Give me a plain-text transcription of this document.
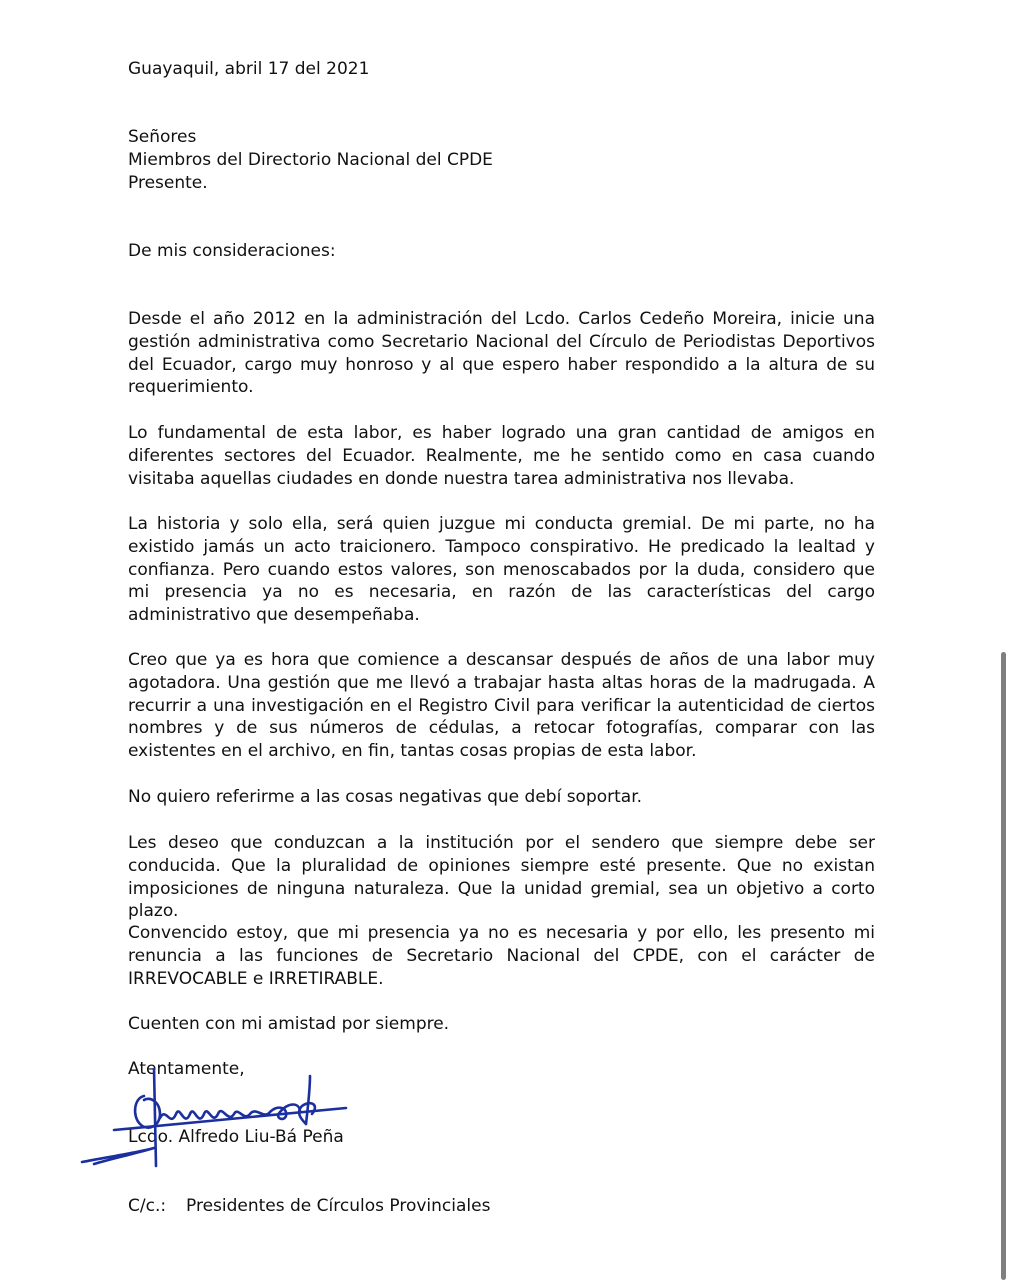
Guayaquil, abril 17 del 2021
Señores
Miembros del Directorio Nacional del CPDE
Presente.
De mis consideraciones:
Desde el año 2012 en la administración del Lcdo. Carlos Cedeño Moreira, inicie una gestión administrativa como Secretario Nacional del Círculo de Periodistas Deportivos del Ecuador, cargo muy honroso y al que espero haber respondido a la altura de su requerimiento.
Lo fundamental de esta labor, es haber logrado una gran cantidad de amigos en diferentes sectores del Ecuador. Realmente, me he sentido como en casa cuando visitaba aquellas ciudades en donde nuestra tarea administrativa nos llevaba.
La historia y solo ella, será quien juzgue mi conducta gremial. De mi parte, no ha existido jamás un acto traicionero. Tampoco conspirativo. He predicado la lealtad y confianza. Pero cuando estos valores, son menoscabados por la duda, considero que mi presencia ya no es necesaria, en razón de las características del cargo administrativo que desempeñaba.
Creo que ya es hora que comience a descansar después de años de una labor muy agotadora. Una gestión que me llevó a trabajar hasta altas horas de la madrugada. A recurrir a una investigación en el Registro Civil para verificar la autenticidad de ciertos nombres y de sus números de cédulas, a retocar fotografías, comparar con las existentes en el archivo, en fin, tantas cosas propias de esta labor.
No quiero referirme a las cosas negativas que debí soportar.
Les deseo que conduzcan a la institución por el sendero que siempre debe ser conducida. Que la pluralidad de opiniones siempre esté presente. Que no existan imposiciones de ninguna naturaleza. Que la unidad gremial, sea un objetivo a corto plazo.
Convencido estoy, que mi presencia ya no es necesaria y por ello, les presento mi renuncia a las funciones de Secretario Nacional del CPDE, con el carácter de IRREVOCABLE e IRRETIRABLE.
Cuenten con mi amistad por siempre.
Atentamente,
Lcdo. Alfredo Liu-Bá Peña
C/c.: Presidentes de Círculos Provinciales
